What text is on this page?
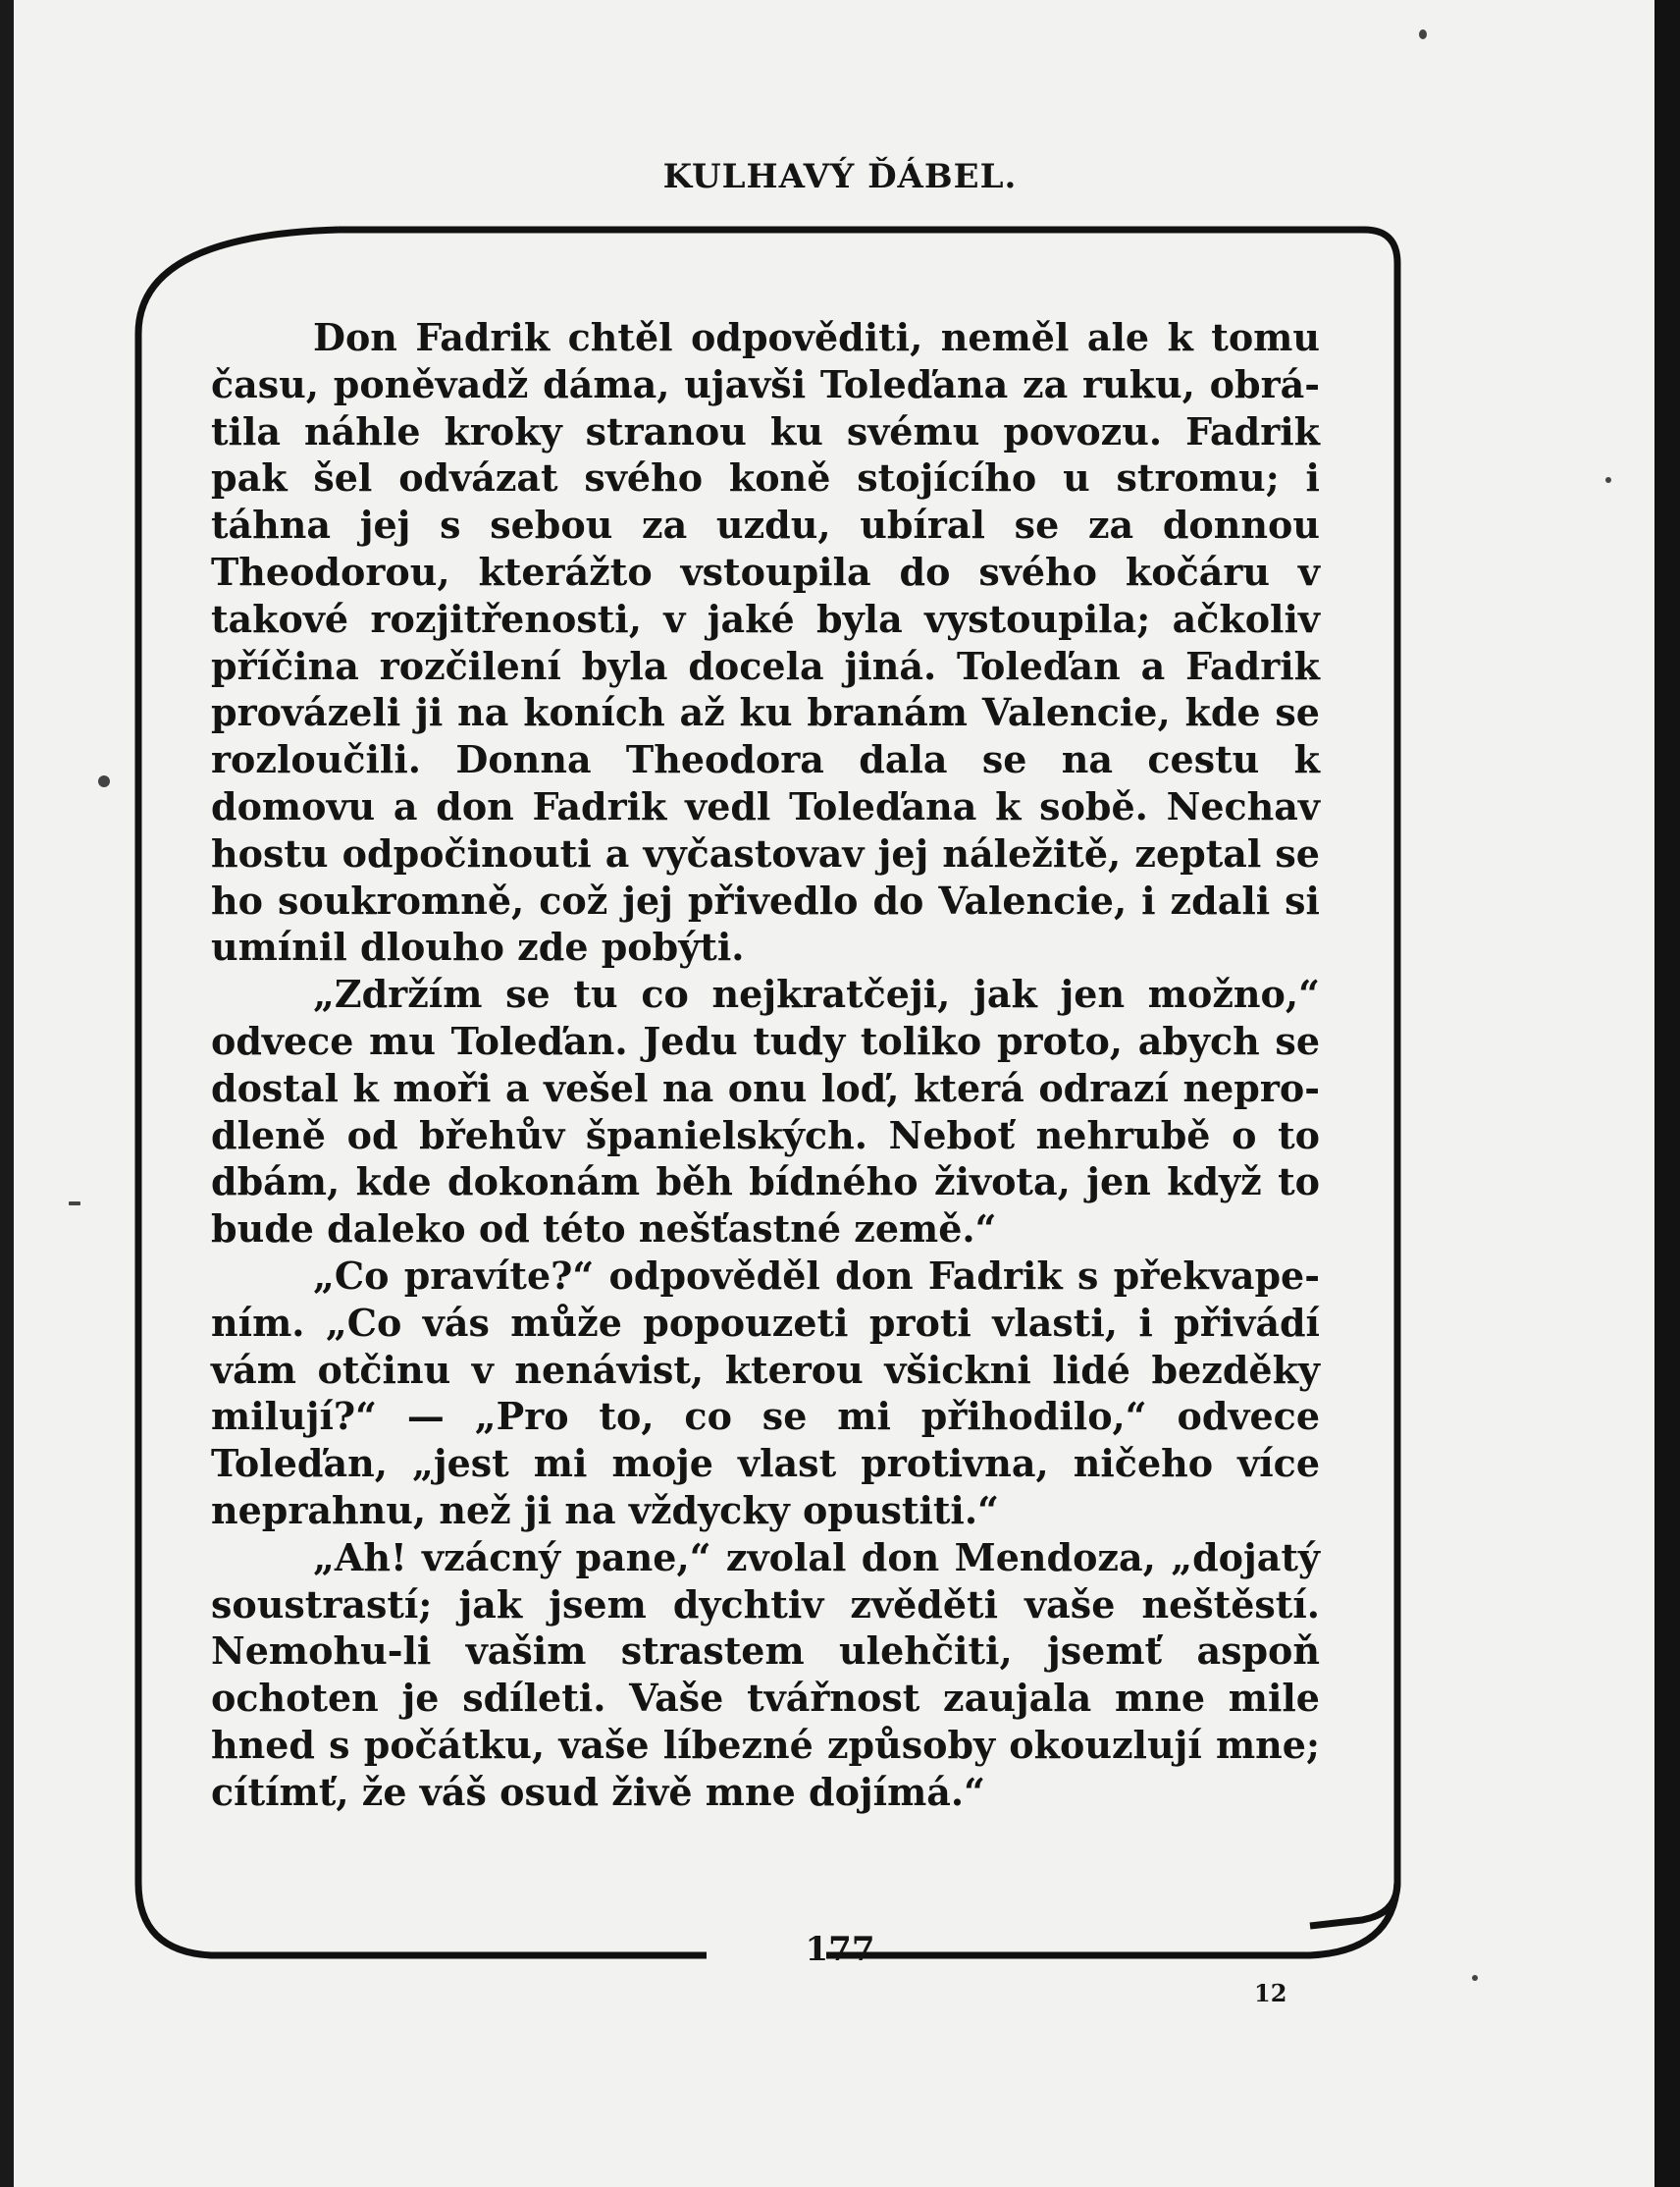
KULHAVÝ ĎÁBEL.

Don Fadrik chtěl odpověditi, neměl ale k tomu času, poněvadž dáma, ujavši Toleďana za ruku, obrátila náhle kroky stranou ku svému povozu. Fadrik pak šel odvázat svého koně stojícího u stromu; i táhna jej s sebou za uzdu, ubíral se za donnou Theodorou, kterážto vstoupila do svého kočáru v takové rozjitřenosti, v jaké byla vystoupila; ačkoliv příčina rozčilení byla docela jiná. Toleďan a Fadrik provázeli ji na koních až ku branám Valencie, kde se rozloučili. Donna Theodora dala se na cestu k domovu a don Fadrik vedl Toleďana k sobě. Nechav hostu odpočinouti a vyčastovav jej náležitě, zeptal se ho soukromně, což jej přivedlo do Valencie, i zdali si umínil dlouho zde pobýti.

„Zdržím se tu co nejkratčeji, jak jen možno,“ odvece mu Toleďan. Jedu tudy toliko proto, abych se dostal k moři a vešel na onu loď, která odrazí neprodleně od břehův španielských. Neboť nehrubě o to dbám, kde dokonám běh bídného života, jen když to bude daleko od této nešťastné země.“

„Co pravíte?“ odpověděl don Fadrik s překvapením. „Co vás může popouzeti proti vlasti, i přivádí vám otčinu v nenávist, kterou všickni lidé bezděky milují?“ — „Pro to, co se mi přihodilo,“ odvece Toleďan, „jest mi moje vlast protivna, ničeho více neprahnu, než ji na vždycky opustiti.“

„Ah! vzácný pane,“ zvolal don Mendoza, „dojatý soustrastí; jak jsem dychtiv zvěděti vaše neštěstí. Nemohu-li vašim strastem ulehčiti, jsemť aspoň ochoten je sdíleti. Vaše tvářnost zaujala mne mile hned s počátku, vaše líbezné způsoby okouzlují mne; cítímť, že váš osud živě mne dojímá.“

177
12
